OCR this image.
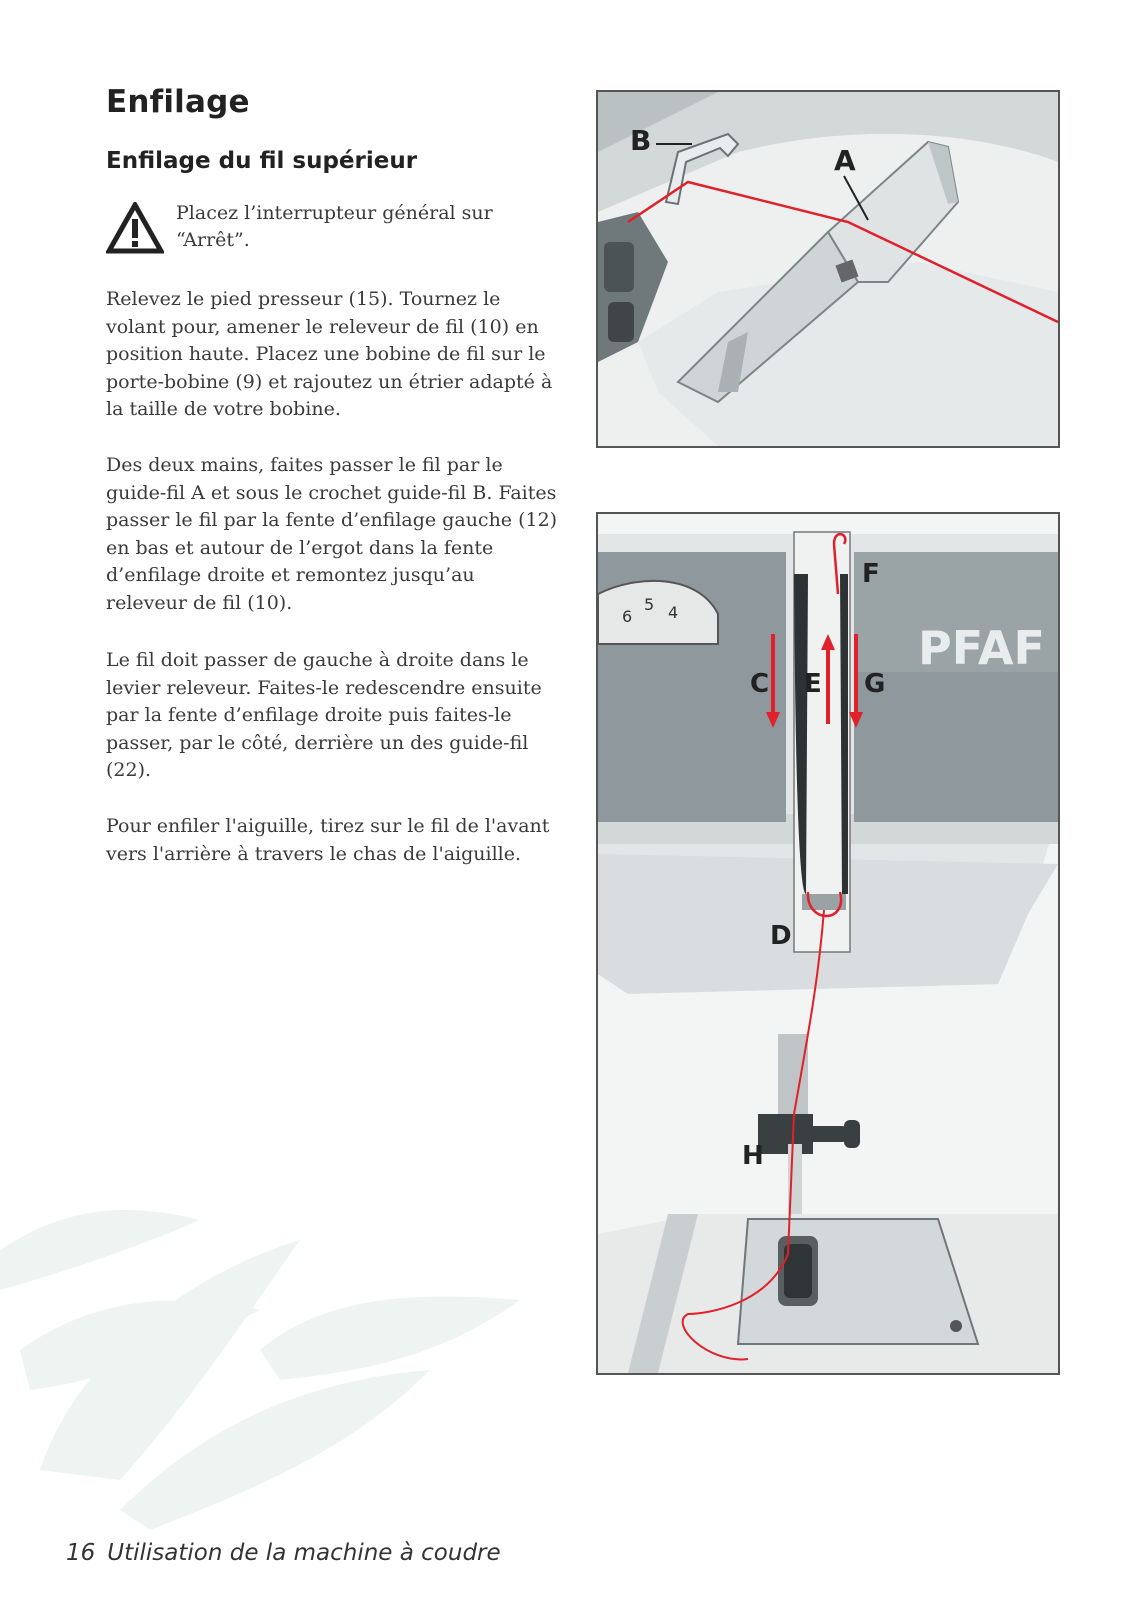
Enfilage
Enfilage du fil supérieur
Placez l’interrupteur général sur “Arrêt”.

Relevez le pied presseur (15). Tournez le volant pour, amener le releveur de fil (10) en position haute. Placez une bobine de fil sur le porte-bobine (9) et rajoutez un étrier adapté à la taille de votre bobine.

Des deux mains, faites passer le fil par le guide-fil A et sous le crochet guide-fil B. Faites passer le fil par la fente d’enfilage gauche (12) en bas et autour de l’ergot dans la fente d’enfilage droite et remontez jusqu’au releveur de fil (10).

Le fil doit passer de gauche à droite dans le levier releveur. Faites-le redescendre ensuite par la fente d’enfilage droite puis faites-le passer, par le côté, derrière un des guide-fil (22).

Pour enfiler l'aiguille, tirez sur le fil de l'avant vers l'arrière à travers le chas de l'aiguille.

B
A
PFAF
6
5 4
C E G
F
D
H
16 Utilisation de la machine à coudre
